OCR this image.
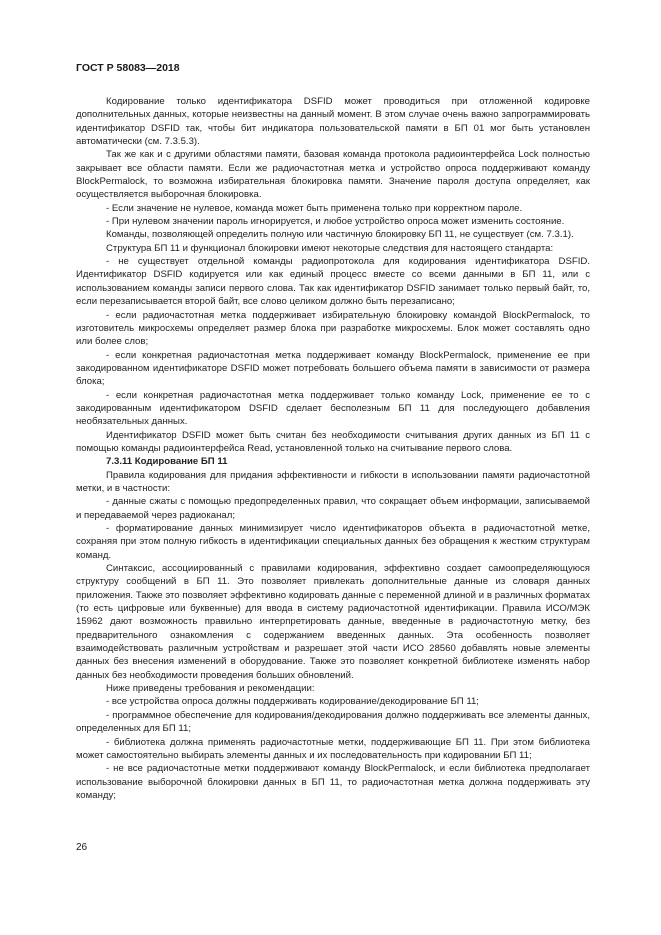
ГОСТ Р 58083—2018

Кодирование только идентификатора DSFID может проводиться при отложенной кодировке дополнительных данных, которые неизвестны на данный момент. В этом случае очень важно запрограммировать идентификатор DSFID так, чтобы бит индикатора пользовательской памяти в БП 01 мог быть установлен автоматически (см. 7.3.5.3).

Так же как и с другими областями памяти, базовая команда протокола радиоинтерфейса Lock полностью закрывает все области памяти. Если же радиочастотная метка и устройство опроса поддерживают команду BlockPermalock, то возможна избирательная блокировка памяти. Значение пароля доступа определяет, как осуществляется выборочная блокировка.

- Если значение не нулевое, команда может быть применена только при корректном пароле.

- При нулевом значении пароль игнорируется, и любое устройство опроса может изменить состояние.

Команды, позволяющей определить полную или частичную блокировку БП 11, не существует (см. 7.3.1).

Структура БП 11 и функционал блокировки имеют некоторые следствия для настоящего стандарта:

- не существует отдельной команды радиопротокола для кодирования идентификатора DSFID. Идентификатор DSFID кодируется или как единый процесс вместе со всеми данными в БП 11, или с использованием команды записи первого слова. Так как идентификатор DSFID занимает только первый байт, то, если перезаписывается второй байт, все слово целиком должно быть перезаписано;

- если радиочастотная метка поддерживает избирательную блокировку командой BlockPermalock, то изготовитель микросхемы определяет размер блока при разработке микросхемы. Блок может составлять одно или более слов;

- если конкретная радиочастотная метка поддерживает команду BlockPermalock, применение ее при закодированном идентификаторе DSFID может потребовать большего объема памяти в зависимости от размера блока;

- если конкретная радиочастотная метка поддерживает только команду Lock, применение ее то с закодированным идентификатором DSFID сделает бесполезным БП 11 для последующего добавления необязательных данных.

Идентификатор DSFID может быть считан без необходимости считывания других данных из БП 11 с помощью команды радиоинтерфейса Read, установленной только на считывание первого слова.

7.3.11 Кодирование БП 11

Правила кодирования для придания эффективности и гибкости в использовании памяти радиочастотной метки, и в частности:

- данные сжаты с помощью предопределенных правил, что сокращает объем информации, записываемой и передаваемой через радиоканал;

- форматирование данных минимизирует число идентификаторов объекта в радиочастотной метке, сохраняя при этом полную гибкость в идентификации специальных данных без обращения к жестким структурам команд.

Синтаксис, ассоциированный с правилами кодирования, эффективно создает самоопределяющуюся структуру сообщений в БП 11. Это позволяет привлекать дополнительные данные из словаря данных приложения. Также это позволяет эффективно кодировать данные с переменной длиной и в различных форматах (то есть цифровые или буквенные) для ввода в систему радиочастотной идентификации. Правила ИСО/МЭК 15962 дают возможность правильно интерпретировать данные, введенные в радиочастотную метку, без предварительного ознакомления с содержанием введенных данных. Эта особенность позволяет взаимодействовать различным устройствам и разрешает этой части ИСО 28560 добавлять новые элементы данных без внесения изменений в оборудование. Также это позволяет конкретной библиотеке изменять набор данных без необходимости проведения больших обновлений.

Ниже приведены требования и рекомендации:

- все устройства опроса должны поддерживать кодирование/декодирование БП 11;

- программное обеспечение для кодирования/декодирования должно поддерживать все элементы данных, определенных для БП 11;

- библиотека должна применять радиочастотные метки, поддерживающие БП 11. При этом библиотека может самостоятельно выбирать элементы данных и их последовательность при кодировании БП 11;

- не все радиочастотные метки поддерживают команду BlockPermalock, и если библиотека предполагает использование выборочной блокировки данных в БП 11, то радиочастотная метка должна поддерживать эту команду;

26
